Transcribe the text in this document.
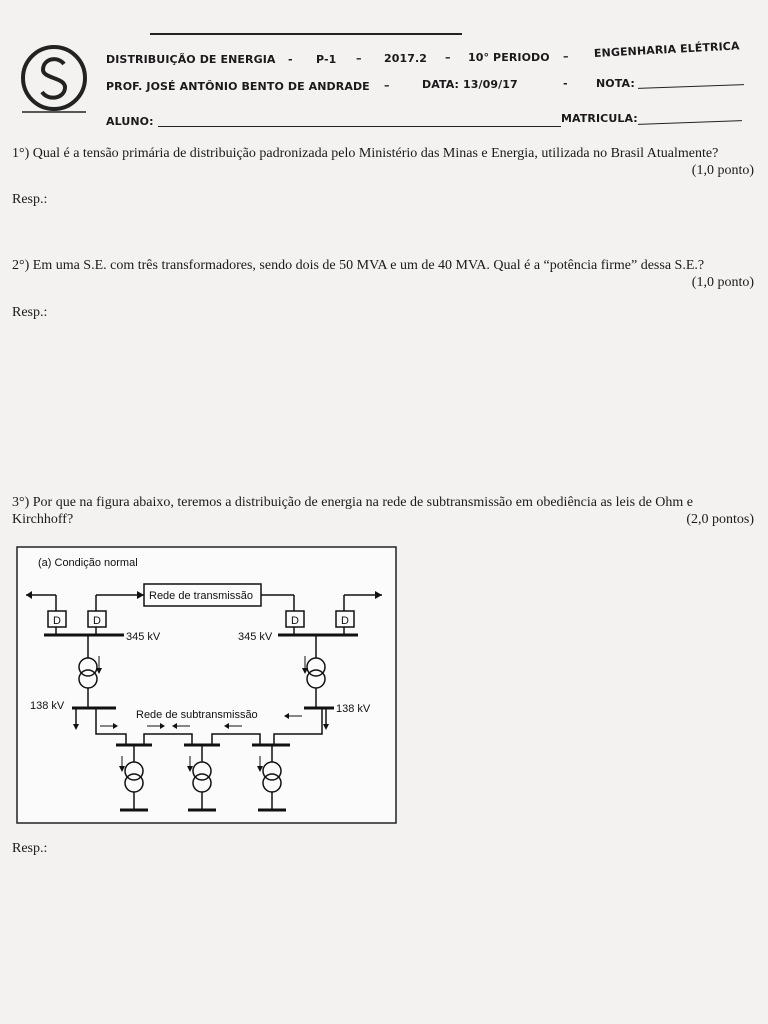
DISTRIBUIÇÃO DE ENERGIA - P-1 – 2017.2 – 10° PERIODO – ENGENHARIA ELÉTRICA
PROF. JOSÉ ANTÔNIO BENTO DE ANDRADE –	DATA: 13/09/17	-	NOTA:
ALUNO:	MATRICULA:
1°) Qual é a tensão primária de distribuição padronizada pelo Ministério das Minas e Energia, utilizada no Brasil Atualmente?
(1,0 ponto)
Resp.:
2°) Em uma S.E. com três transformadores, sendo dois de 50 MVA e um de 40 MVA. Qual é a “potência firme” dessa S.E.?
(1,0 ponto)
Resp.:
3°) Por que na figura abaixo, teremos a distribuição de energia na rede de subtransmissão em obediência as leis de Ohm e Kirchhoff?	(2,0 pontos)
(a) Condição normal
Rede de transmissão
D	D	D	D
345 kV	345 kV
138 kV	138 kV
Rede de subtransmissão
Resp.:
